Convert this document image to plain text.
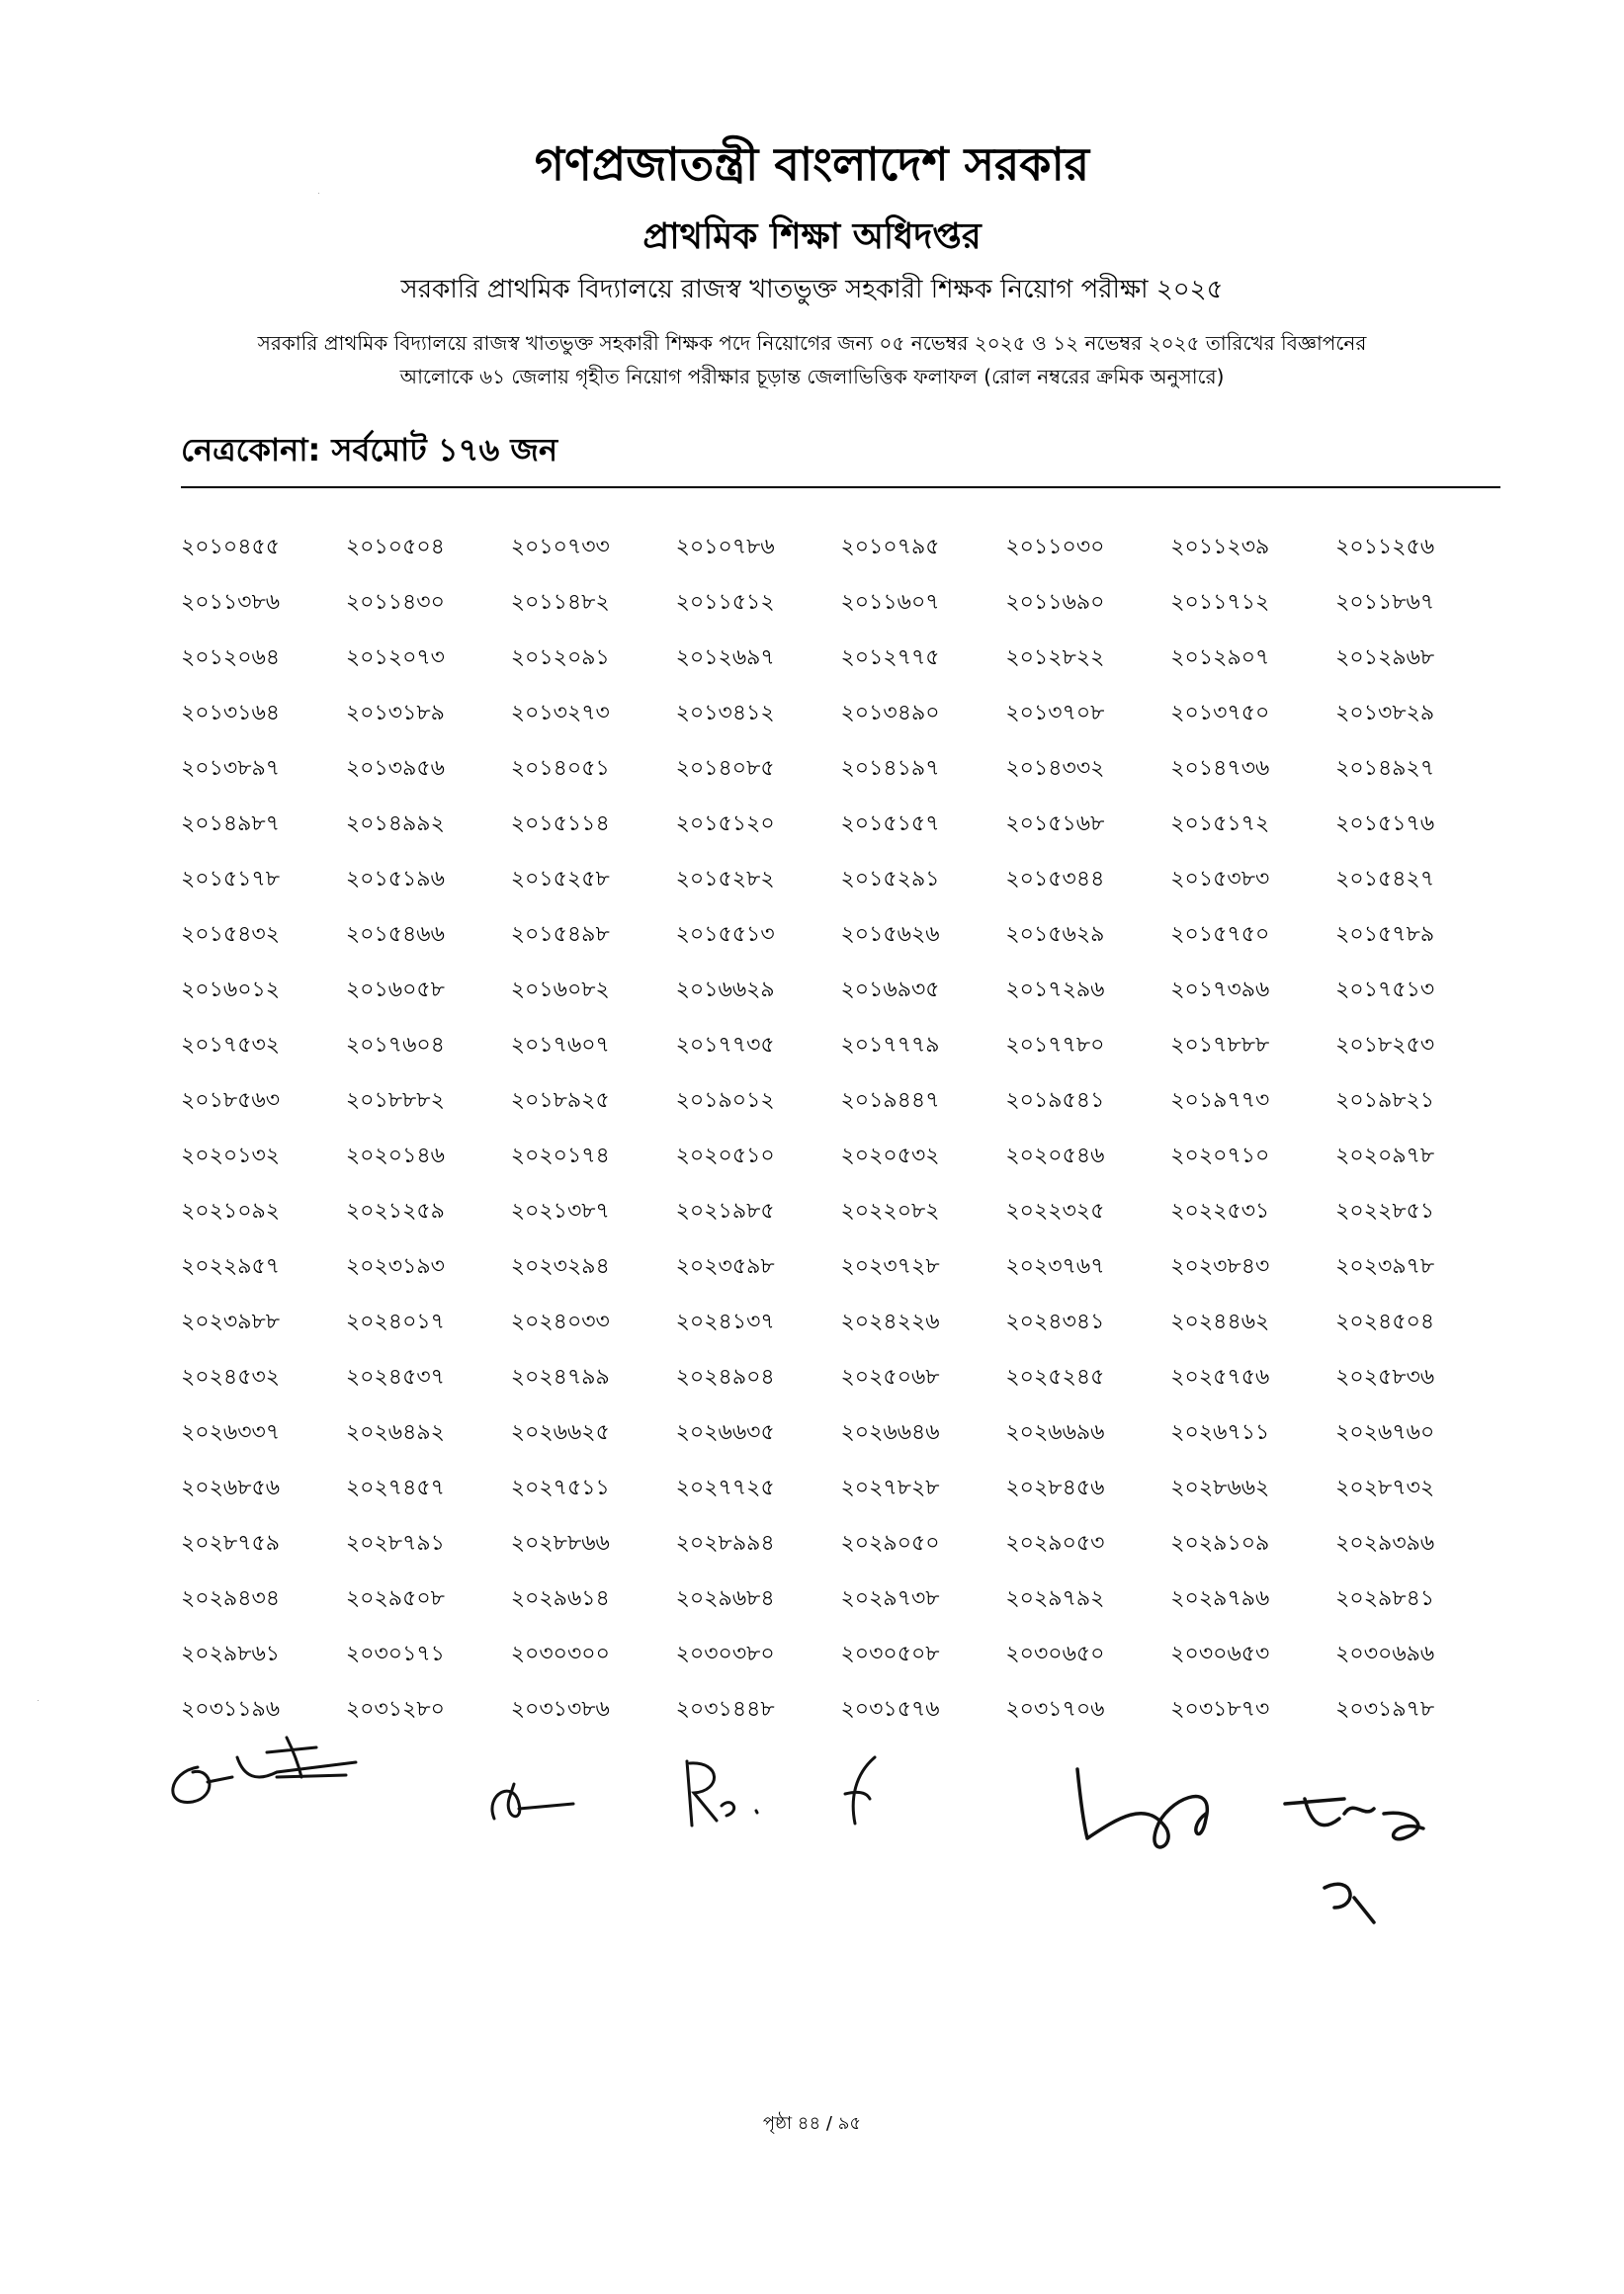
গণপ্রজাতন্ত্রী বাংলাদেশ সরকার
প্রাথমিক শিক্ষা অধিদপ্তর
সরকারি প্রাথমিক বিদ্যালয়ে রাজস্ব খাতভুক্ত সহকারী শিক্ষক নিয়োগ পরীক্ষা ২০২৫
সরকারি প্রাথমিক বিদ্যালয়ে রাজস্ব খাতভুক্ত সহকারী শিক্ষক পদে নিয়োগের জন্য ০৫ নভেম্বর ২০২৫ ও ১২ নভেম্বর ২০২৫ তারিখের বিজ্ঞাপনের
আলোকে ৬১ জেলায় গৃহীত নিয়োগ পরীক্ষার চূড়ান্ত জেলাভিত্তিক ফলাফল (রোল নম্বরের ক্রমিক অনুসারে)
নেত্রকোনা: সর্বমোট ১৭৬ জন
২০১০৪৫৫	২০১০৫০৪	২০১০৭৩৩	২০১০৭৮৬	২০১০৭৯৫	২০১১০৩০	২০১১২৩৯	২০১১২৫৬
২০১১৩৮৬	২০১১৪৩০	২০১১৪৮২	২০১১৫১২	২০১১৬০৭	২০১১৬৯০	২০১১৭১২	২০১১৮৬৭
২০১২০৬৪	২০১২০৭৩	২০১২০৯১	২০১২৬৯৭	২০১২৭৭৫	২০১২৮২২	২০১২৯০৭	২০১২৯৬৮
২০১৩১৬৪	২০১৩১৮৯	২০১৩২৭৩	২০১৩৪১২	২০১৩৪৯০	২০১৩৭০৮	২০১৩৭৫০	২০১৩৮২৯
২০১৩৮৯৭	২০১৩৯৫৬	২০১৪০৫১	২০১৪০৮৫	২০১৪১৯৭	২০১৪৩৩২	২০১৪৭৩৬	২০১৪৯২৭
২০১৪৯৮৭	২০১৪৯৯২	২০১৫১১৪	২০১৫১২০	২০১৫১৫৭	২০১৫১৬৮	২০১৫১৭২	২০১৫১৭৬
২০১৫১৭৮	২০১৫১৯৬	২০১৫২৫৮	২০১৫২৮২	২০১৫২৯১	২০১৫৩৪৪	২০১৫৩৮৩	২০১৫৪২৭
২০১৫৪৩২	২০১৫৪৬৬	২০১৫৪৯৮	২০১৫৫১৩	২০১৫৬২৬	২০১৫৬২৯	২০১৫৭৫০	২০১৫৭৮৯
২০১৬০১২	২০১৬০৫৮	২০১৬০৮২	২০১৬৬২৯	২০১৬৯৩৫	২০১৭২৯৬	২০১৭৩৯৬	২০১৭৫১৩
২০১৭৫৩২	২০১৭৬০৪	২০১৭৬০৭	২০১৭৭৩৫	২০১৭৭৭৯	২০১৭৭৮০	২০১৭৮৮৮	২০১৮২৫৩
২০১৮৫৬৩	২০১৮৮৮২	২০১৮৯২৫	২০১৯০১২	২০১৯৪৪৭	২০১৯৫৪১	২০১৯৭৭৩	২০১৯৮২১
২০২০১৩২	২০২০১৪৬	২০২০১৭৪	২০২০৫১০	২০২০৫৩২	২০২০৫৪৬	২০২০৭১০	২০২০৯৭৮
২০২১০৯২	২০২১২৫৯	২০২১৩৮৭	২০২১৯৮৫	২০২২০৮২	২০২২৩২৫	২০২২৫৩১	২০২২৮৫১
২০২২৯৫৭	২০২৩১৯৩	২০২৩২৯৪	২০২৩৫৯৮	২০২৩৭২৮	২০২৩৭৬৭	২০২৩৮৪৩	২০২৩৯৭৮
২০২৩৯৮৮	২০২৪০১৭	২০২৪০৩৩	২০২৪১৩৭	২০২৪২২৬	২০২৪৩৪১	২০২৪৪৬২	২০২৪৫০৪
২০২৪৫৩২	২০২৪৫৩৭	২০২৪৭৯৯	২০২৪৯০৪	২০২৫০৬৮	২০২৫২৪৫	২০২৫৭৫৬	২০২৫৮৩৬
২০২৬৩৩৭	২০২৬৪৯২	২০২৬৬২৫	২০২৬৬৩৫	২০২৬৬৪৬	২০২৬৬৯৬	২০২৬৭১১	২০২৬৭৬০
২০২৬৮৫৬	২০২৭৪৫৭	২০২৭৫১১	২০২৭৭২৫	২০২৭৮২৮	২০২৮৪৫৬	২০২৮৬৬২	২০২৮৭৩২
২০২৮৭৫৯	২০২৮৭৯১	২০২৮৮৬৬	২০২৮৯৯৪	২০২৯০৫০	২০২৯০৫৩	২০২৯১০৯	২০২৯৩৯৬
২০২৯৪৩৪	২০২৯৫০৮	২০২৯৬১৪	২০২৯৬৮৪	২০২৯৭৩৮	২০২৯৭৯২	২০২৯৭৯৬	২০২৯৮৪১
২০২৯৮৬১	২০৩০১৭১	২০৩০৩০০	২০৩০৩৮০	২০৩০৫০৮	২০৩০৬৫০	২০৩০৬৫৩	২০৩০৬৯৬
২০৩১১৯৬	২০৩১২৮০	২০৩১৩৮৬	২০৩১৪৪৮	২০৩১৫৭৬	২০৩১৭০৬	২০৩১৮৭৩	২০৩১৯৭৮
পৃষ্ঠা ৪৪ / ৯৫
